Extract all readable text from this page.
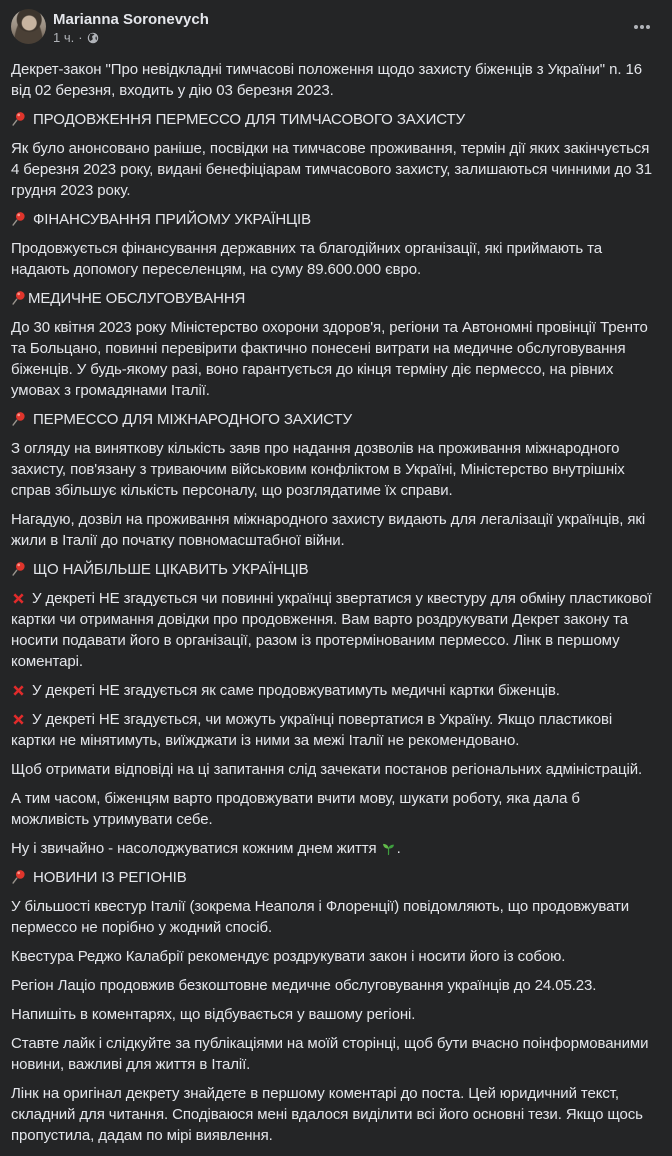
Marianna Soronevych
1 ч. ·
Декрет-закон "Про невідкладні тимчасові положення щодо захисту біженців з України" n. 16 від 02 березня, входить у дію 03 березня 2023.
ПРОДОВЖЕННЯ ПЕРМЕССО ДЛЯ ТИМЧАСОВОГО ЗАХИСТУ
Як було анонсовано раніше, посвідки на тимчасове проживання, термін дії яких закінчується 4 березня 2023 року, видані бенефіціарам тимчасового захисту, залишаються чинними до 31 грудня 2023 року.
ФІНАНСУВАННЯ ПРИЙОМУ УКРАЇНЦІВ
Продовжується фінансування державних та благодійних організації, які приймають та надають допомогу переселенцям, на суму 89.600.000 євро.
МЕДИЧНЕ ОБСЛУГОВУВАННЯ
До 30 квітня 2023 року Міністерство охорони здоров'я, регіони та Автономні провінції Тренто та Больцано, повинні перевірити фактично понесені витрати на медичне обслуговування біженців. У будь-якому разі, воно гарантується до кінця терміну діє пермессо, на рівних умовах з громадянами Італії.
ПЕРМЕССО ДЛЯ МІЖНАРОДНОГО ЗАХИСТУ
З огляду на виняткову кількість заяв про надання дозволів на проживання міжнародного захисту, пов'язану з триваючим військовим конфліктом в Україні, Міністерство внутрішніх справ збільшує кількість персоналу, що розглядатиме їх справи.
Нагадую, дозвіл на проживання міжнародного захисту видають для легалізації українців, які жили в Італії до початку повномасштабної війни.
ЩО НАЙБІЛЬШЕ ЦІКАВИТЬ УКРАЇНЦІВ
У декреті НЕ згадується чи повинні українці звертатися у квестуру для обміну пластикової картки чи отримання довідки про продовження. Вам варто роздрукувати Декрет закону та носити подавати його в організації, разом із протермінованим пермессо. Лінк в першому коментарі.
У декреті НЕ згадується як саме продовжуватимуть медичні картки біженців.
У декреті НЕ згадується, чи можуть українці повертатися в Україну. Якщо пластикові картки не мінятимуть, виїжджати із ними за межі Італії не рекомендовано.
Щоб отримати відповіді на ці запитання слід зачекати постанов регіональних адміністрацій.
А тим часом, біженцям варто продовжувати вчити мову, шукати роботу, яка дала б можливість утримувати себе.
Ну і звичайно - насолоджуватися кожним днем життя .
НОВИНИ ІЗ РЕГІОНІВ
У більшості квестур Італії (зокрема Неаполя і Флоренції) повідомляють, що продовжувати пермессо не порібно у жодний спосіб.
Квестура Реджо Калабрії рекомендує роздрукувати закон і носити його із собою.
Регіон Лаціо продовжив безкоштовне медичне обслуговування українців до 24.05.23.
Напишіть в коментарях, що відбувається у вашому регіоні.
Ставте лайк і слідкуйте за публікаціями на моїй сторінці, щоб бути вчасно поінформованими новини, важливі для життя в Італії.
Лінк на оригінал декрету знайдете в першому коментарі до поста. Цей юридичний текст, складний для читання. Сподіваюся мені вдалося виділити всі його основні тези. Якщо щось пропустила, дадам по мірі виявлення.
